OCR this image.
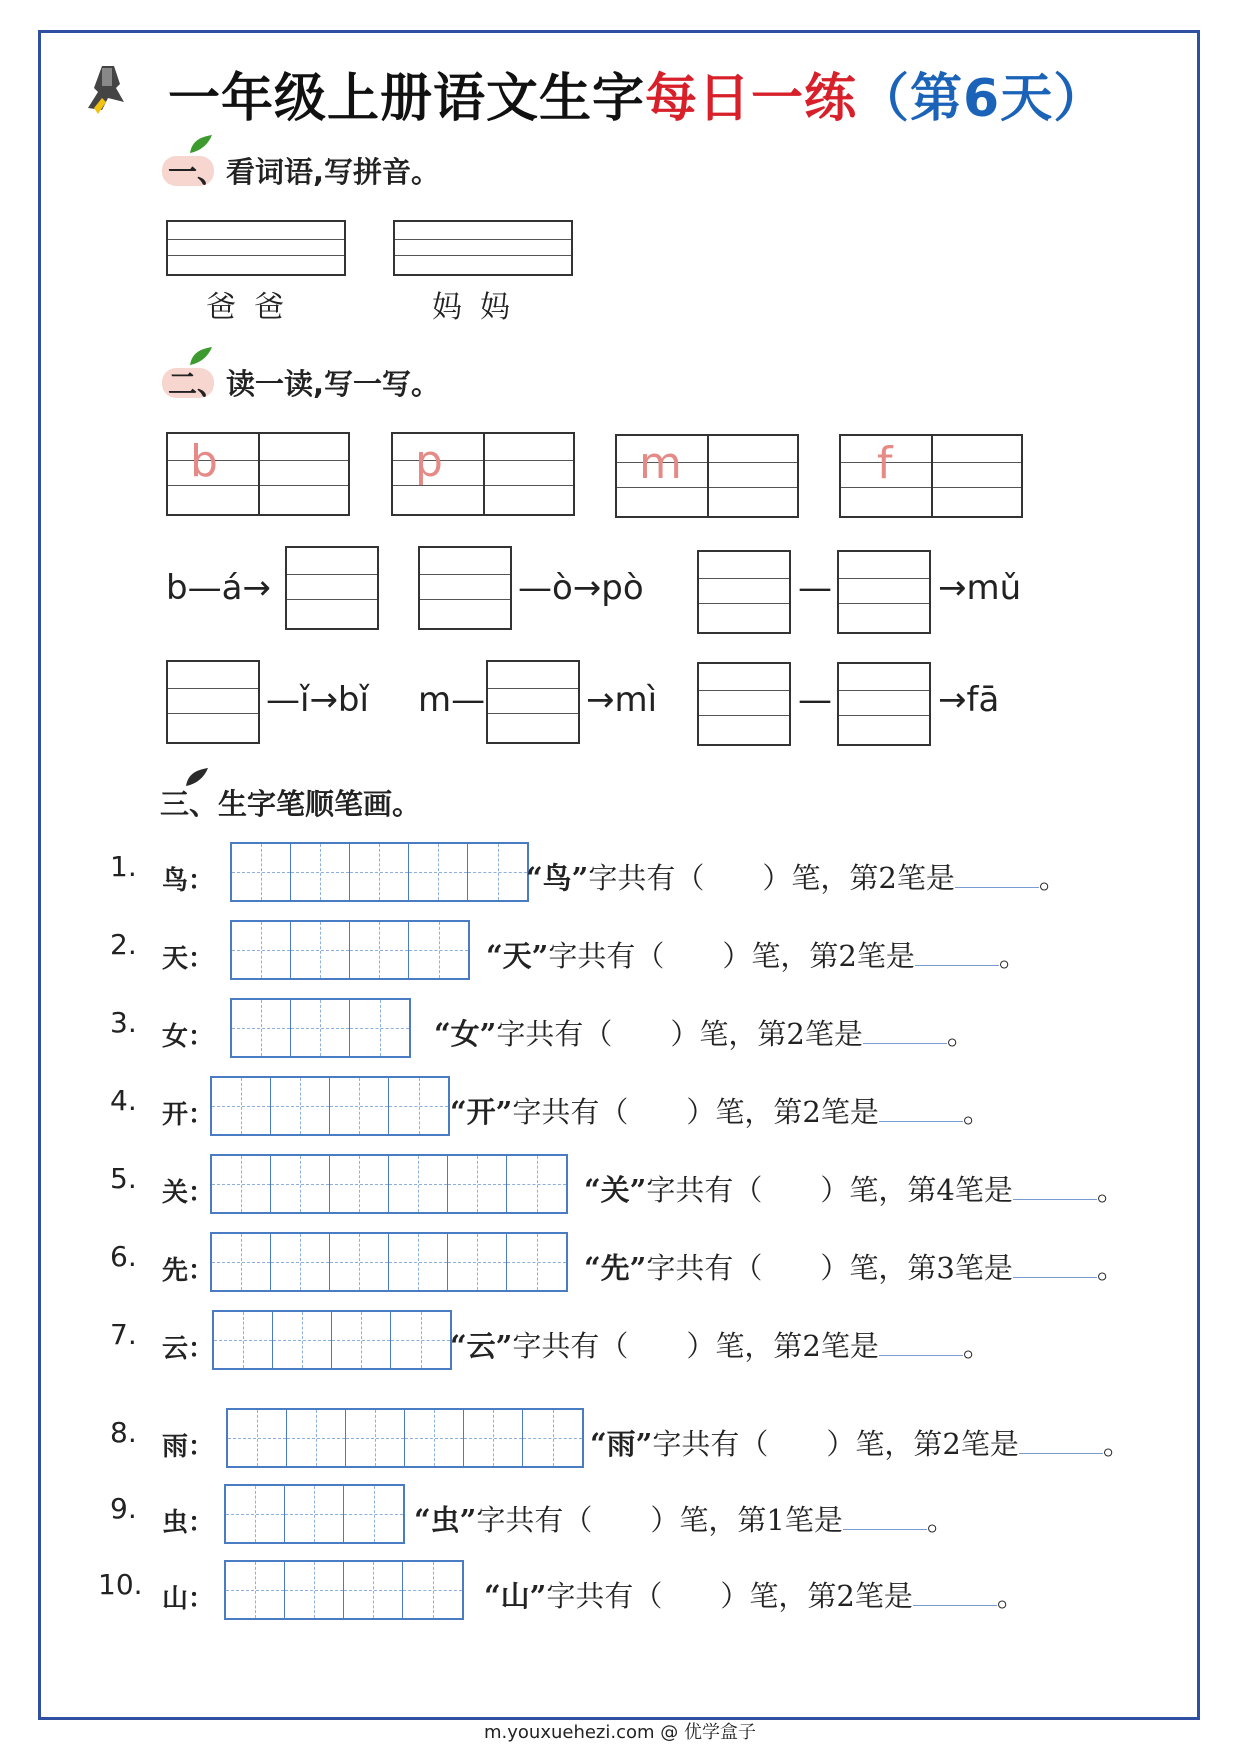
一年级上册语文生字每日一练（第6天）
一、看词语,写拼音。
爸爸	妈妈
二、读一读,写一写。
b	p	m	f
b—á→	—ò→pò	—	→mǔ
—ǐ→bǐ m—	→mì	—	→fā
三、生字笔顺笔画。
1. 鸟：	“鸟”字共有（　　）笔，第2笔是	。
2. 天：	“天”字共有（　　）笔，第2笔是	。
3. 女：	“女”字共有（　　）笔，第2笔是	。
4. 开：	“开”字共有（　　）笔，第2笔是	。
5. 关：	“关”字共有（　　）笔，第4笔是	。
6. 先：	“先”字共有（　　）笔，第3笔是	。
7. 云：	“云”字共有（　　）笔，第2笔是	。
8. 雨：	“雨”字共有（　　）笔，第2笔是	。
9. 虫：	“虫”字共有（　　）笔，第1笔是	。
10. 山：	“山”字共有（　　）笔，第2笔是	。
m.youxuehezi.com @ 优学盒子
